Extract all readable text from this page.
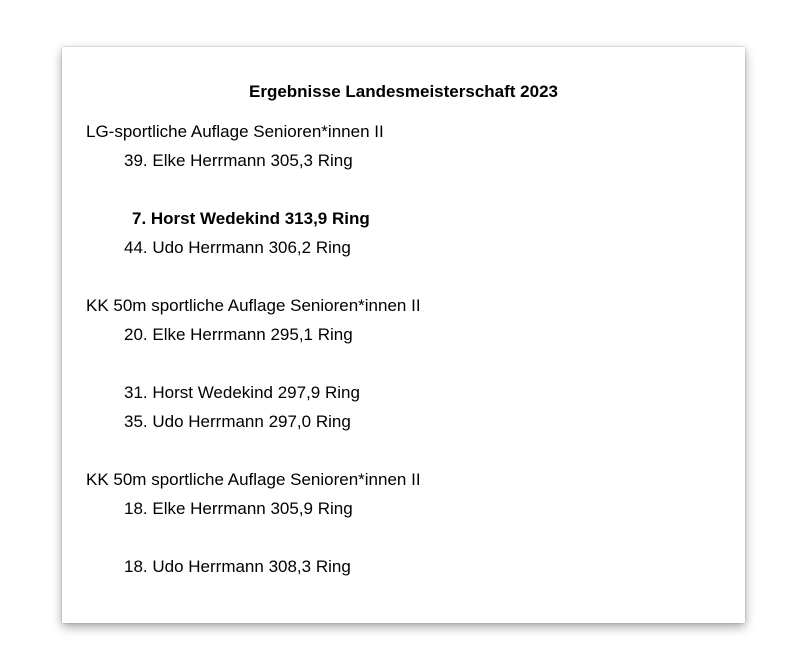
Ergebnisse Landesmeisterschaft 2023
LG-sportliche Auflage Senioren*innen II
39. Elke Herrmann 305,3 Ring
7. Horst Wedekind 313,9 Ring
44. Udo Herrmann 306,2 Ring
KK 50m sportliche Auflage Senioren*innen II
20. Elke Herrmann 295,1 Ring
31. Horst Wedekind 297,9 Ring
35. Udo Herrmann 297,0 Ring
KK 50m sportliche Auflage Senioren*innen II
18. Elke Herrmann 305,9 Ring
18. Udo Herrmann 308,3 Ring
